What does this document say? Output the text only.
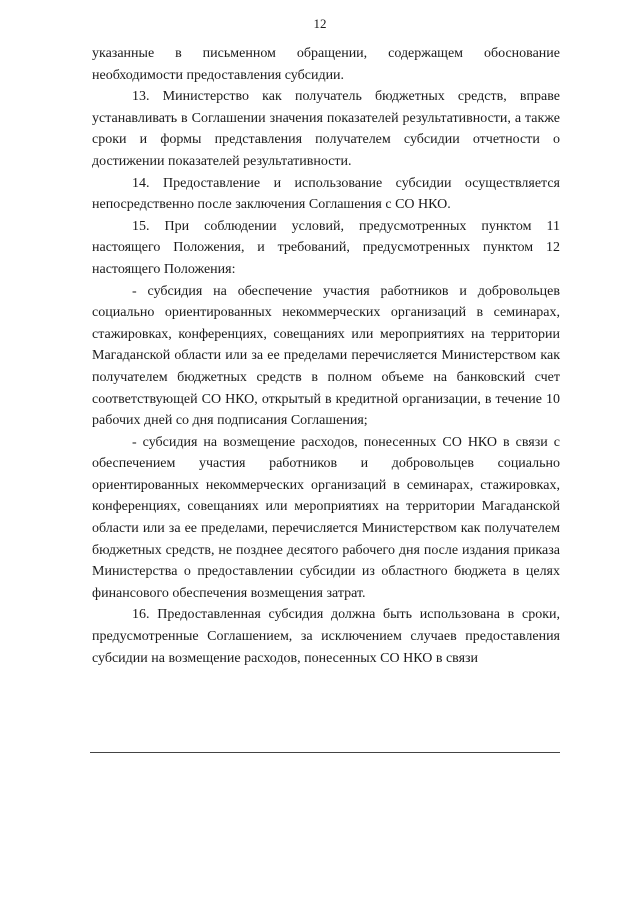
12

указанные в письменном обращении, содержащем обоснование необходимости предоставления субсидии.

13. Министерство как получатель бюджетных средств, вправе устанавливать в Соглашении значения показателей результативности, а также сроки и формы представления получателем субсидии отчетности о достижении показателей результативности.

14. Предоставление и использование субсидии осуществляется непосредственно после заключения Соглашения с СО НКО.

15. При соблюдении условий, предусмотренных пунктом 11 настоящего Положения, и требований, предусмотренных пунктом 12 настоящего Положения:

- субсидия на обеспечение участия работников и добровольцев социально ориентированных некоммерческих организаций в семинарах, стажировках, конференциях, совещаниях или мероприятиях на территории Магаданской области или за ее пределами перечисляется Министерством как получателем бюджетных средств в полном объеме на банковский счет соответствующей СО НКО, открытый в кредитной организации, в течение 10 рабочих дней со дня подписания Соглашения;

- субсидия на возмещение расходов, понесенных СО НКО в связи с обеспечением участия работников и добровольцев социально ориентированных некоммерческих организаций в семинарах, стажировках, конференциях, совещаниях или мероприятиях на территории Магаданской области или за ее пределами, перечисляется Министерством как получателем бюджетных средств, не позднее десятого рабочего дня после издания приказа Министерства о предоставлении субсидии из областного бюджета в целях финансового обеспечения возмещения затрат.

16. Предоставленная субсидия должна быть использована в сроки, предусмотренные Соглашением, за исключением случаев предоставления субсидии на возмещение расходов, понесенных СО НКО в связи
